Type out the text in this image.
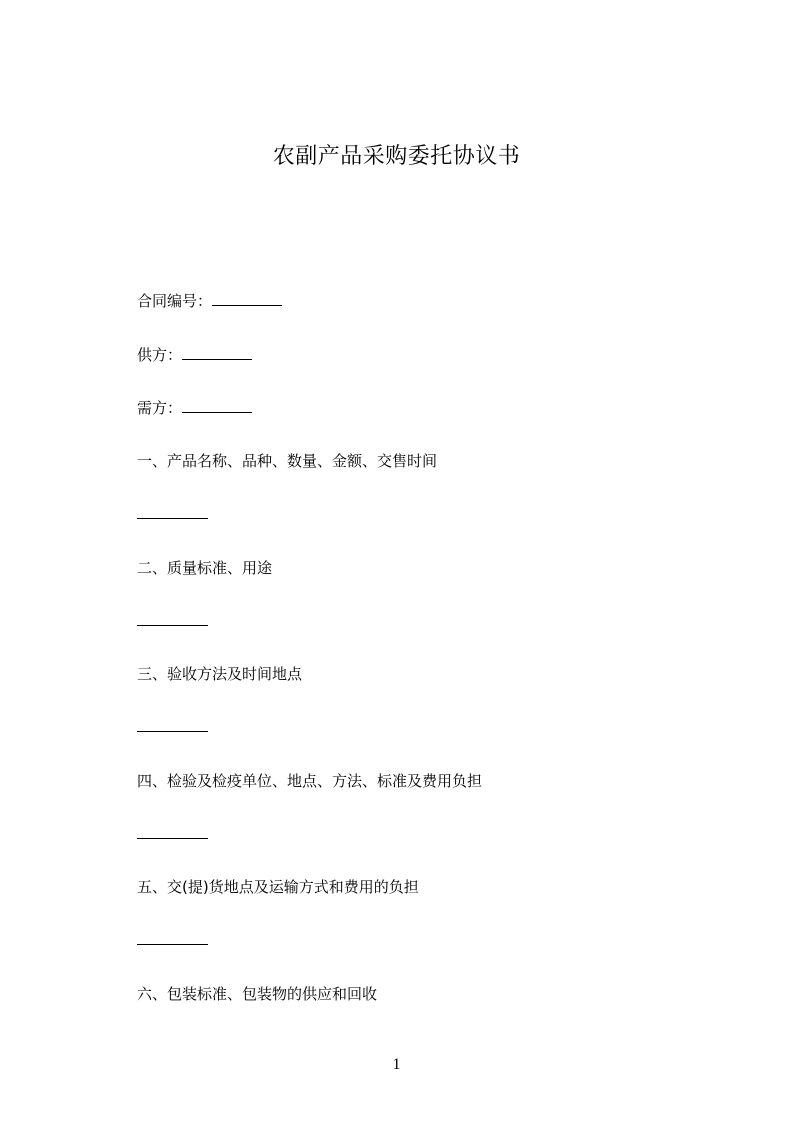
农副产品采购委托协议书
合同编号：
供方：
需方：
一、产品名称、品种、数量、金额、交售时间
二、质量标准、用途
三、验收方法及时间地点
四、检验及检疫单位、地点、方法、标准及费用负担
五、交(提)货地点及运输方式和费用的负担
六、包装标准、包装物的供应和回收
1
